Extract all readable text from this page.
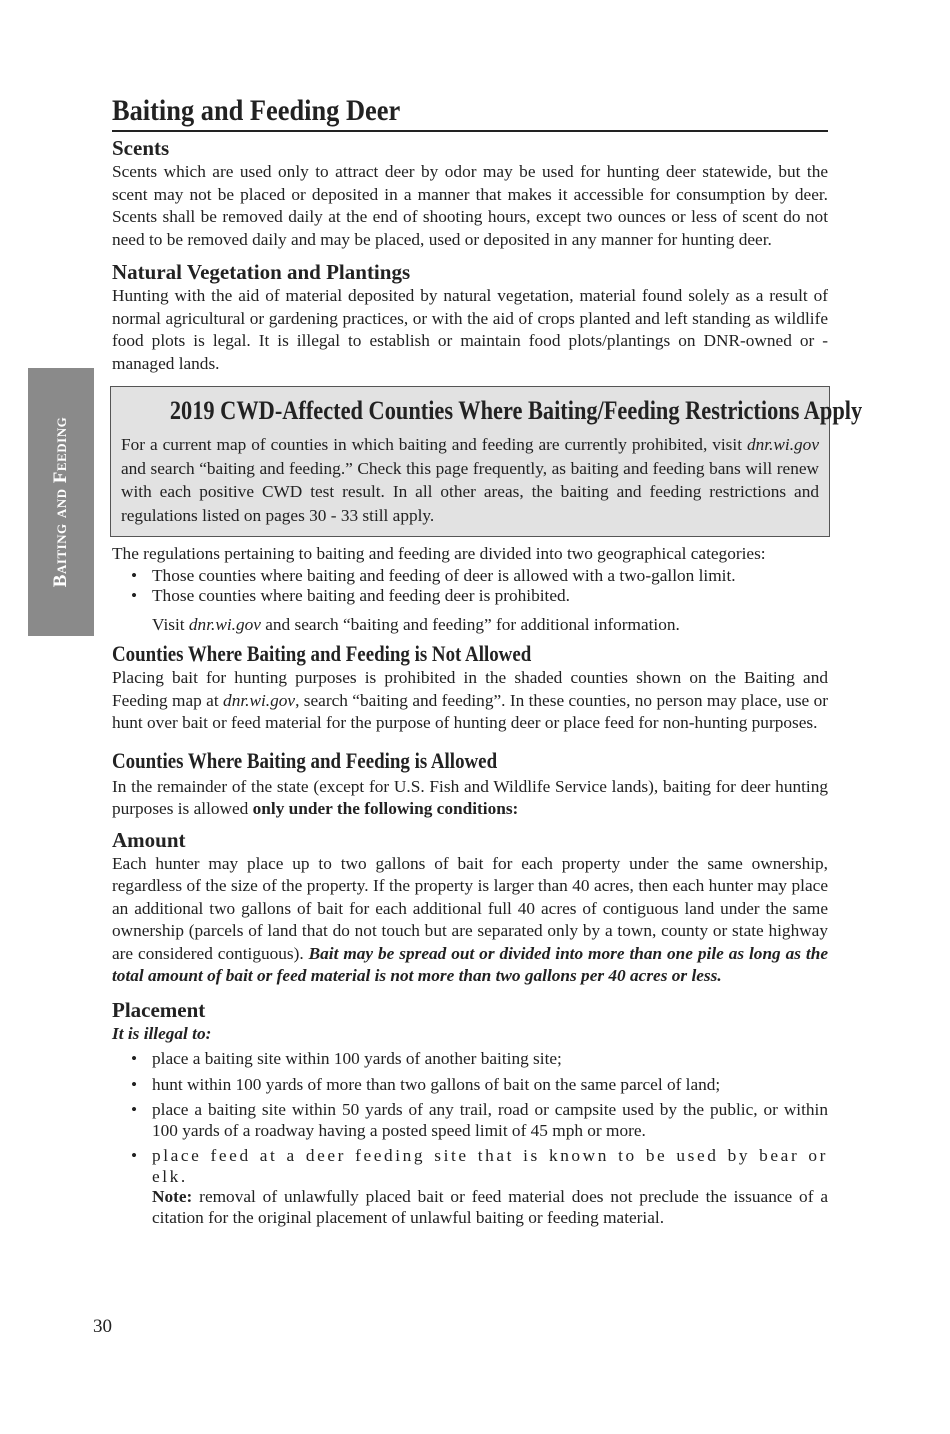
Baiting and Feeding
Baiting and Feeding Deer
Scents

Scents which are used only to attract deer by odor may be used for hunting deer statewide, but the scent may not be placed or deposited in a manner that makes it accessible for consumption by deer. Scents shall be removed daily at the end of shooting hours, except two ounces or less of scent do not need to be removed daily and may be placed, used or deposited in any manner for hunting deer.

Natural Vegetation and Plantings

Hunting with the aid of material deposited by natural vegetation, material found solely as a result of normal agricultural or gardening practices, or with the aid of crops planted and left standing as wildlife food plots is legal. It is illegal to establish or maintain food plots/plantings on DNR-owned or -managed lands.

2019 CWD-Affected Counties Where Baiting/Feeding Restrictions Apply

For a current map of counties in which baiting and feeding are currently prohibited, visit dnr.wi.gov and search “baiting and feeding.” Check this page frequently, as baiting and feeding bans will renew with each positive CWD test result. In all other areas, the baiting and feeding restrictions and regulations listed on pages 30 - 33 still apply.

The regulations pertaining to baiting and feeding are divided into two geographical categories:

• Those counties where baiting and feeding of deer is allowed with a two-gallon limit.
• Those counties where baiting and feeding deer is prohibited.

Visit dnr.wi.gov and search “baiting and feeding” for additional information.

Counties Where Baiting and Feeding is Not Allowed

Placing bait for hunting purposes is prohibited in the shaded counties shown on the Baiting and Feeding map at dnr.wi.gov, search “baiting and feeding”. In these counties, no person may place, use or hunt over bait or feed material for the purpose of hunting deer or place feed for non-hunting purposes.

Counties Where Baiting and Feeding is Allowed

In the remainder of the state (except for U.S. Fish and Wildlife Service lands), baiting for deer hunting purposes is allowed only under the following conditions:

Amount

Each hunter may place up to two gallons of bait for each property under the same ownership, regardless of the size of the property. If the property is larger than 40 acres, then each hunter may place an additional two gallons of bait for each additional full 40 acres of contiguous land under the same ownership (parcels of land that do not touch but are separated only by a town, county or state highway are considered contiguous). Bait may be spread out or divided into more than one pile as long as the total amount of bait or feed material is not more than two gallons per 40 acres or less.

Placement

It is illegal to:

• place a baiting site within 100 yards of another baiting site;
• hunt within 100 yards of more than two gallons of bait on the same parcel of land;
• place a baiting site within 50 yards of any trail, road or campsite used by the public, or within 100 yards of a roadway having a posted speed limit of 45 mph or more.
• place feed at a deer feeding site that is known to be used by bear or elk.
Note: removal of unlawfully placed bait or feed material does not preclude the issuance of a citation for the original placement of unlawful baiting or feeding material.
30
